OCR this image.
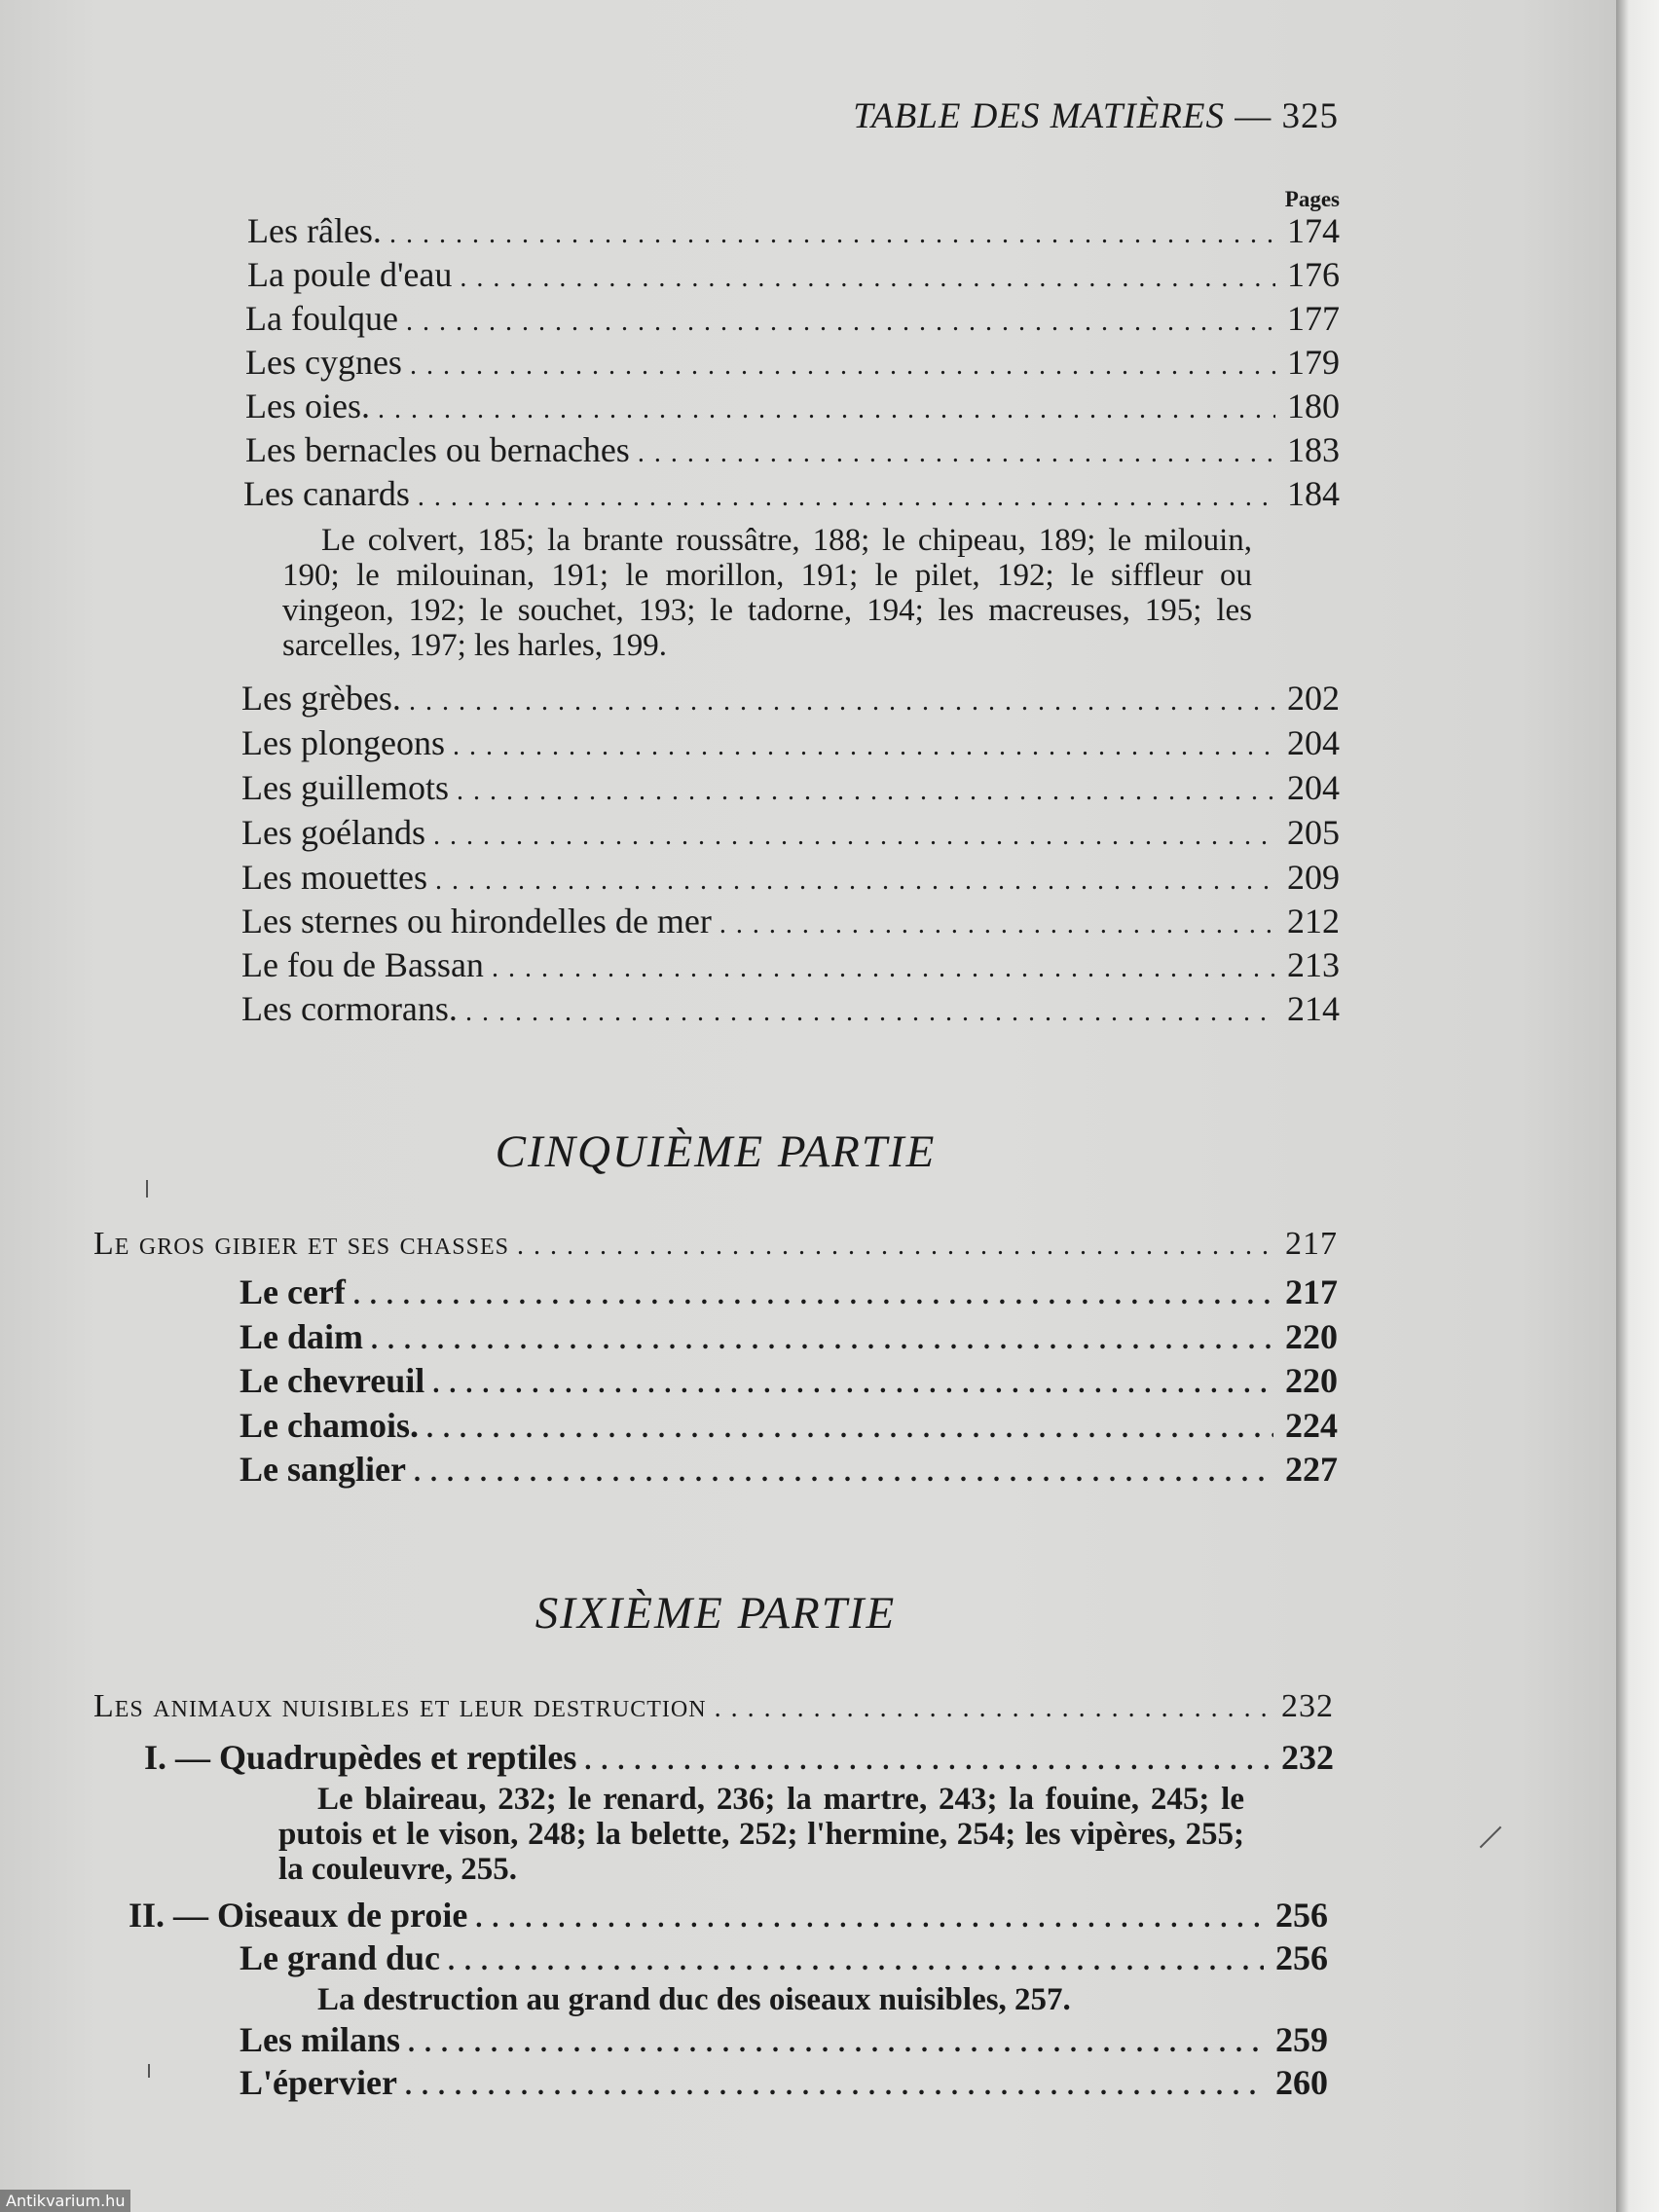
TABLE DES MATIÈRES — 325
Pages
Les râles. . . .	174
La poule d'eau . . .	176
La foulque . . .	177
Les cygnes . . .	179
Les oies. . . .	180
Les bernacles ou bernaches . . .	183
Les canards . . .	184
Le colvert, 185; la brante roussâtre, 188; le chipeau, 189; le milouin, 190; le milouinan, 191; le morillon, 191; le pilet, 192; le siffleur ou vingeon, 192; le souchet, 193; le tadorne, 194; les macreuses, 195; les sarcelles, 197; les harles, 199.
Les grèbes. . . .	202
Les plongeons . . .	204
Les guillemots . . .	204
Les goélands . . .	205
Les mouettes . . .	209
Les sternes ou hirondelles de mer . . .	212
Le fou de Bassan . . .	213
Les cormorans. . . .	214
CINQUIÈME PARTIE
Le gros gibier et ses chasses . . .	217
Le cerf . . .	217
Le daim . . .	220
Le chevreuil . . .	220
Le chamois. . . .	224
Le sanglier . . .	227
SIXIÈME PARTIE
Les animaux nuisibles et leur destruction . . .	232
I. — Quadrupèdes et reptiles . . .	232
Le blaireau, 232; le renard, 236; la martre, 243; la fouine, 245; le putois et le vison, 248; la belette, 252; l'hermine, 254; les vipères, 255; la couleuvre, 255.
II. — Oiseaux de proie . . .	256
Le grand duc . . .	256
La destruction au grand duc des oiseaux nuisibles, 257.
Les milans . . .	259
L'épervier . . .	260
Antikvarium.hu
